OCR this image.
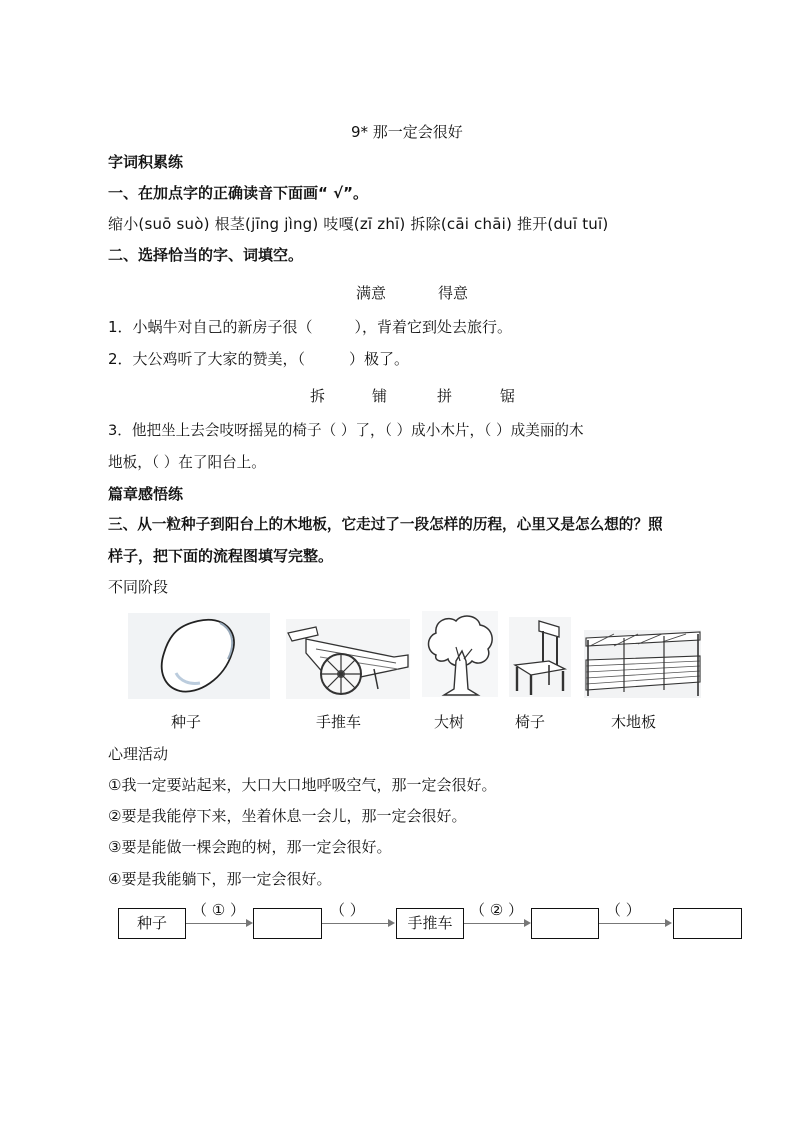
9* 那一定会很好
字词积累练
一、在加点字的正确读音下面画“ √”。
缩小(suō suò) 根茎(jīng jìng) 吱嘎(zī zhī) 拆除(cāi chāi) 推开(duī tuī)
二、选择恰当的字、词填空。
满意	得意
1．小蜗牛对自己的新房子很（	），背着它到处去旅行。
2．大公鸡听了大家的赞美，（	）极了。
拆	铺	拼	锯
3．他把坐上去会吱呀摇晃的椅子（ ）了，（ ）成小木片，（ ）成美丽的木
地板，（ ）在了阳台上。
篇章感悟练
三、从一粒种子到阳台上的木地板，它走过了一段怎样的历程，心里又是怎么想的？照
样子，把下面的流程图填写完整。
不同阶段
种子	手推车	大树	椅子	木地板
心理活动
①我一定要站起来，大口大口地呼吸空气，那一定会很好。
②要是我能停下来，坐着休息一会儿，那一定会很好。
③要是能做一棵会跑的树，那一定会很好。
④要是我能躺下，那一定会很好。
种子
（ ① ）	（ ）
手推车
（ ② ）	（ ）
